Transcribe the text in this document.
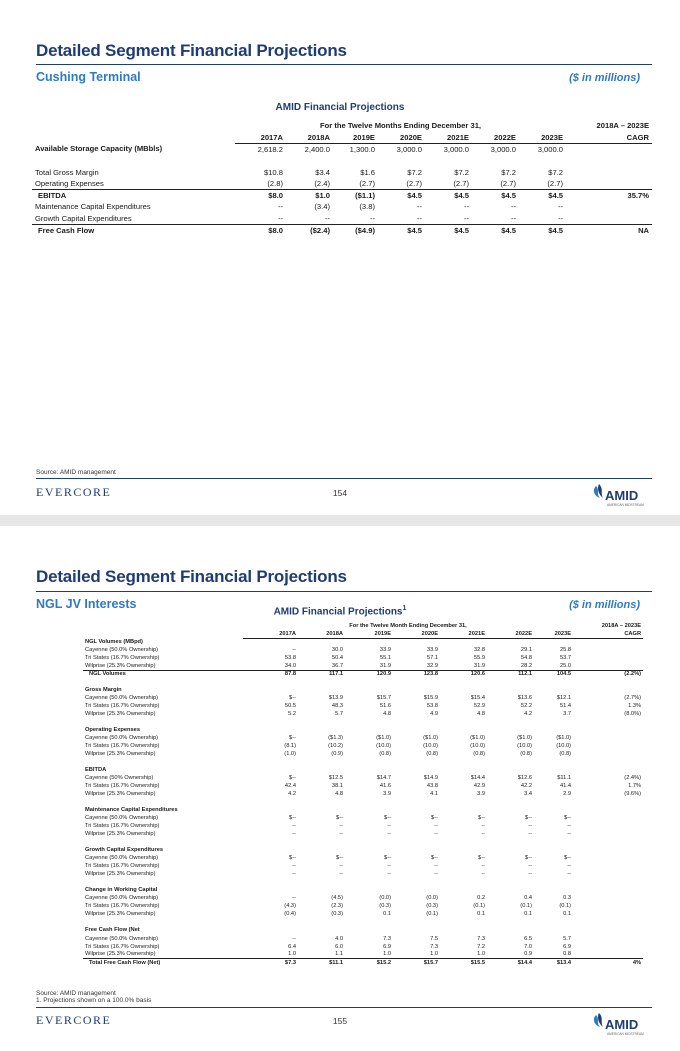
Detailed Segment Financial Projections
Cushing Terminal	($ in millions)
AMID Financial Projections
	For the Twelve Months Ending December 31,							2018A – 2023E
	2017A	2018A	2019E	2020E	2021E	2022E	2023E	CAGR
Available Storage Capacity (MBbls)	2,618.2	2,400.0	1,300.0	3,000.0	3,000.0	3,000.0	3,000.0	

Total Gross Margin	$10.8	$3.4	$1.6	$7.2	$7.2	$7.2	$7.2	
Operating Expenses	(2.8)	(2.4)	(2.7)	(2.7)	(2.7)	(2.7)	(2.7)	
EBITDA	$8.0	$1.0	($1.1)	$4.5	$4.5	$4.5	$4.5	35.7%
Maintenance Capital Expenditures	--	(3.4)	(3.8)	--	--	--	--	
Growth Capital Expenditures	--	--	--	--	--	--	--	
Free Cash Flow	$8.0	($2.4)	($4.9)	$4.5	$4.5	$4.5	$4.5	NA
Source: AMID management
EVERCORE	154	AMID
AMERICAN MIDSTREAM
Detailed Segment Financial Projections
NGL JV Interests	($ in millions)
AMID Financial Projections$^1$
	For the Twelve Month Ending December 31,							2018A – 2023E
	2017A	2018A	2019E	2020E	2021E	2022E	2023E	CAGR
NGL Volumes (MBpd)								
Cayenne (50.0% Ownership)	--	30.0	33.9	33.9	32.8	29.1	25.8	
Tri States (16.7% Ownership)	53.8	50.4	55.1	57.1	55.9	54.8	53.7	
Wilprise (25.3% Ownership)	34.0	36.7	31.9	32.9	31.9	28.2	25.0	
NGL Volumes	87.8	117.1	120.9	123.8	120.6	112.1	104.5	(2.2%)

Gross Margin								
Cayenne (50.0% Ownership)	$--	$13.9	$15.7	$15.9	$15.4	$13.6	$12.1	(2.7%)
Tri States (16.7% Ownership)	50.5	48.3	51.6	53.8	52.9	52.2	51.4	1.3%
Wilprise (25.3% Ownership)	5.2	5.7	4.8	4.9	4.8	4.2	3.7	(8.0%)

Operating Expenses								
Cayenne (50.0% Ownership)	$--	($1.3)	($1.0)	($1.0)	($1.0)	($1.0)	($1.0)	
Tri States (16.7% Ownership)	(8.1)	(10.2)	(10.0)	(10.0)	(10.0)	(10.0)	(10.0)	
Wilprise (25.3% Ownership)	(1.0)	(0.9)	(0.8)	(0.8)	(0.8)	(0.8)	(0.8)	

EBITDA								
Cayenne (50% Ownership)	$--	$12.5	$14.7	$14.9	$14.4	$12.6	$11.1	(2.4%)
Tri States (16.7% Ownership)	42.4	38.1	41.6	43.8	42.9	42.2	41.4	1.7%
Wilprise (25.3% Ownership)	4.2	4.8	3.9	4.1	3.9	3.4	2.9	(9.6%)

Maintenance Capital Expenditures								
Cayenne (50.0% Ownership)	$--	$--	$--	$--	$--	$--	$--	
Tri States (16.7% Ownership)	--	--	--	--	--	--	--	
Wilprise (25.3% Ownership)	--	--	--	--	--	--	--	

Growth Capital Expenditures								
Cayenne (50.0% Ownership)	$--	$--	$--	$--	$--	$--	$--	
Tri States (16.7% Ownership)	--	--	--	--	--	--	--	
Wilprise (25.3% Ownership)	--	--	--	--	--	--	--	

Change in Working Capital								
Cayenne (50.0% Ownership)	--	(4.5)	(0.0)	(0.0)	0.2	0.4	0.3	
Tri States (16.7% Ownership)	(4.3)	(2.3)	(0.3)	(0.3)	(0.1)	(0.1)	(0.1)	
Wilprise (25.3% Ownership)	(0.4)	(0.3)	0.1	(0.1)	0.1	0.1	0.1	

Free Cash Flow (Net								
Cayenne (50.0% Ownership)	--	4.0	7.3	7.5	7.3	6.5	5.7	
Tri States (16.7% Ownership)	6.4	6.0	6.9	7.3	7.2	7.0	6.9	
Wilprise (25.3% Ownership)	1.0	1.1	1.0	1.0	1.0	0.9	0.8	
Total Free Cash Flow (Net)	$7.3	$11.1	$15.2	$15.7	$15.5	$14.4	$13.4	4%
Source: AMID management
1. Projections shown on a 100.0% basis
EVERCORE	155	AMID
AMERICAN MIDSTREAM
